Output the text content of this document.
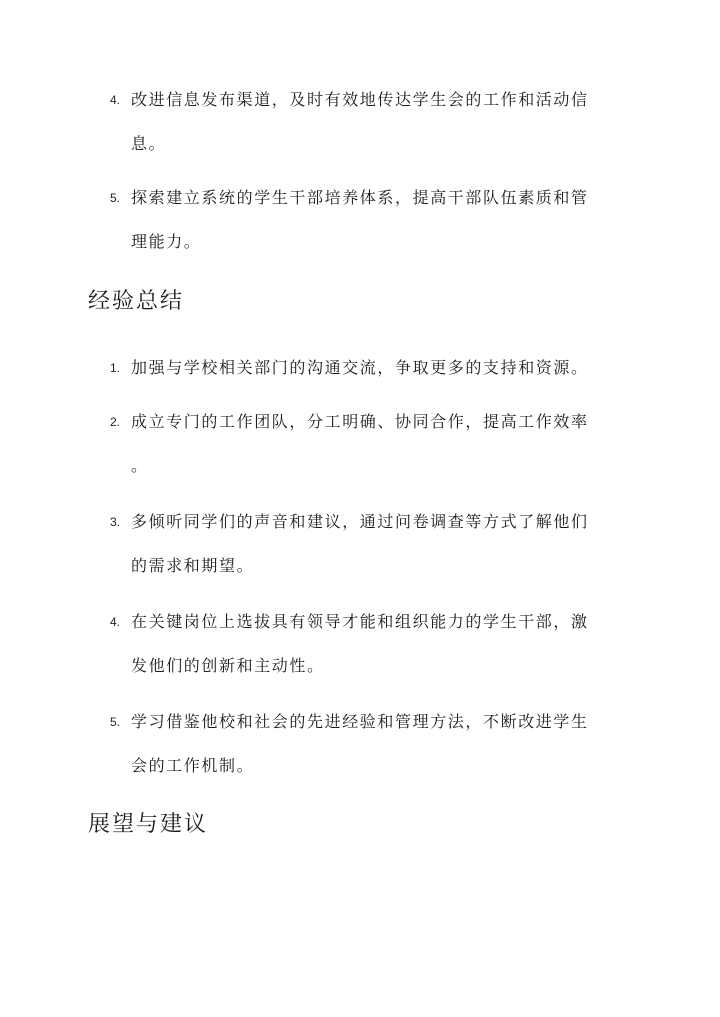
4. 改进信息发布渠道，及时有效地传达学生会的工作和活动信
息。
5. 探索建立系统的学生干部培养体系，提高干部队伍素质和管
理能力。
经验总结
1. 加强与学校相关部门的沟通交流，争取更多的支持和资源。
2. 成立专门的工作团队，分工明确、协同合作，提高工作效率
。
3. 多倾听同学们的声音和建议，通过问卷调查等方式了解他们
的需求和期望。
4. 在关键岗位上选拔具有领导才能和组织能力的学生干部，激
发他们的创新和主动性。
5. 学习借鉴他校和社会的先进经验和管理方法，不断改进学生
会的工作机制。
展望与建议
